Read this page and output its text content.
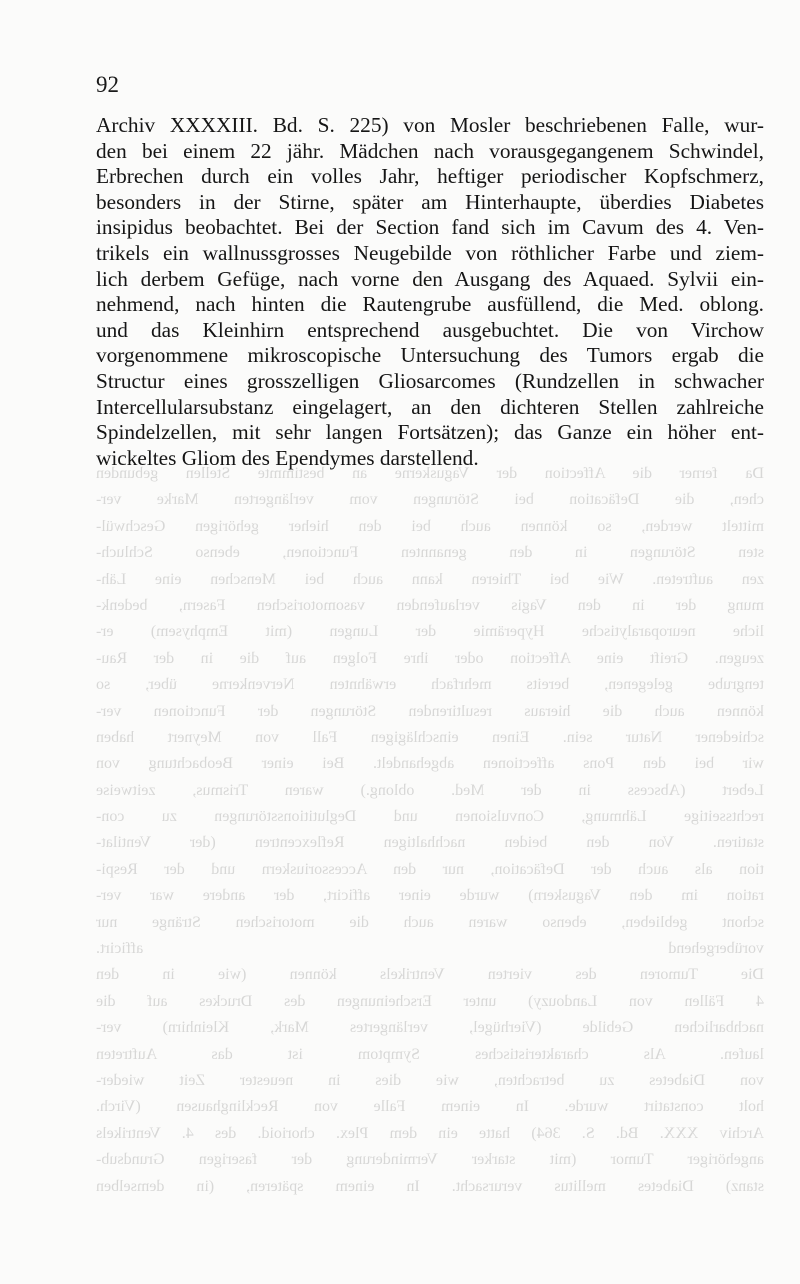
Da ferner die Affection der Vaguskerne an bestimmte Stellen gebunden
chen, die Defäcation bei Störungen vom verlängerten Marke ver-
mittelt werden, so können auch bei den hieher gehörigen Geschwül-
sten Störungen in den genannten Functionen, ebenso Schluch-
zen auftreten. Wie bei Thieren kann auch bei Menschen eine Läh-
mung der in den Vagis verlaufenden vasomotorischen Fasern, bedenk-
liche neuroparalytische Hyperämie der Lungen (mit Emphysem) er-
zeugen. Greift eine Affection oder ihre Folgen auf die in der Rau-
tengrube gelegenen, bereits mehrfach erwähnten Nervenkerne über, so
können auch die hieraus resultirenden Störungen der Functionen ver-
schiedener Natur sein. Einen einschlägigen Fall von Meynert haben
wir bei den Pons affectionen abgehandelt. Bei einer Beobachtung von
Lebert (Abscess in der Med. oblong.) waren Trismus, zeitweise
rechtsseitige Lähmung, Convulsionen und Deglutitionsstörungen zu con-
statiren. Von den beiden nachhaltigen Reflexcentren (der Ventilat-
tion als auch der Defäcation, nur den Accessoriuskern und der Respi-
ration im den Vaguskern) wurde einer afficirt, der andere war ver-
schont geblieben, ebenso waren auch die motorischen Stränge nur
vorübergehend afficirt.
Die Tumoren des vierten Ventrikels können (wie in den
4 Fällen von Landouzy) unter Erscheinungen des Druckes auf die
nachbarlichen Gebilde (Vierhügel, verlängertes Mark, Kleinhirn) ver-
laufen. Als charakteristisches Symptom ist das Auftreten
von Diabetes zu betrachten, wie dies in neuester Zeit wieder-
holt constatirt wurde. In einem Falle von Recklinghausen (Virch.
Archiv XXX. Bd. S. 364) hatte ein dem Plex. chorioid. des 4. Ventrikels
angehöriger Tumor (mit starker Verminderung der faserigen Grundsub-
stanz) Diabetes mellitus verursacht. In einem späteren, (in demselben
92
Archiv XXXXIII. Bd. S. 225) von Mosler beschriebenen Falle, wur-
den bei einem 22 jähr. Mädchen nach vorausgegangenem Schwindel,
Erbrechen durch ein volles Jahr, heftiger periodischer Kopfschmerz,
besonders in der Stirne, später am Hinterhaupte, überdies Diabetes
insipidus beobachtet. Bei der Section fand sich im Cavum des 4. Ven-
trikels ein wallnussgrosses Neugebilde von röthlicher Farbe und ziem-
lich derbem Gefüge, nach vorne den Ausgang des Aquaed. Sylvii ein-
nehmend, nach hinten die Rautengrube ausfüllend, die Med. oblong.
und das Kleinhirn entsprechend ausgebuchtet. Die von Virchow
vorgenommene mikroscopische Untersuchung des Tumors ergab die
Structur eines grosszelligen Gliosarcomes (Rundzellen in schwacher
Intercellularsubstanz eingelagert, an den dichteren Stellen zahlreiche
Spindelzellen, mit sehr langen Fortsätzen); das Ganze ein höher ent-
wickeltes Gliom des Ependymes darstellend.
